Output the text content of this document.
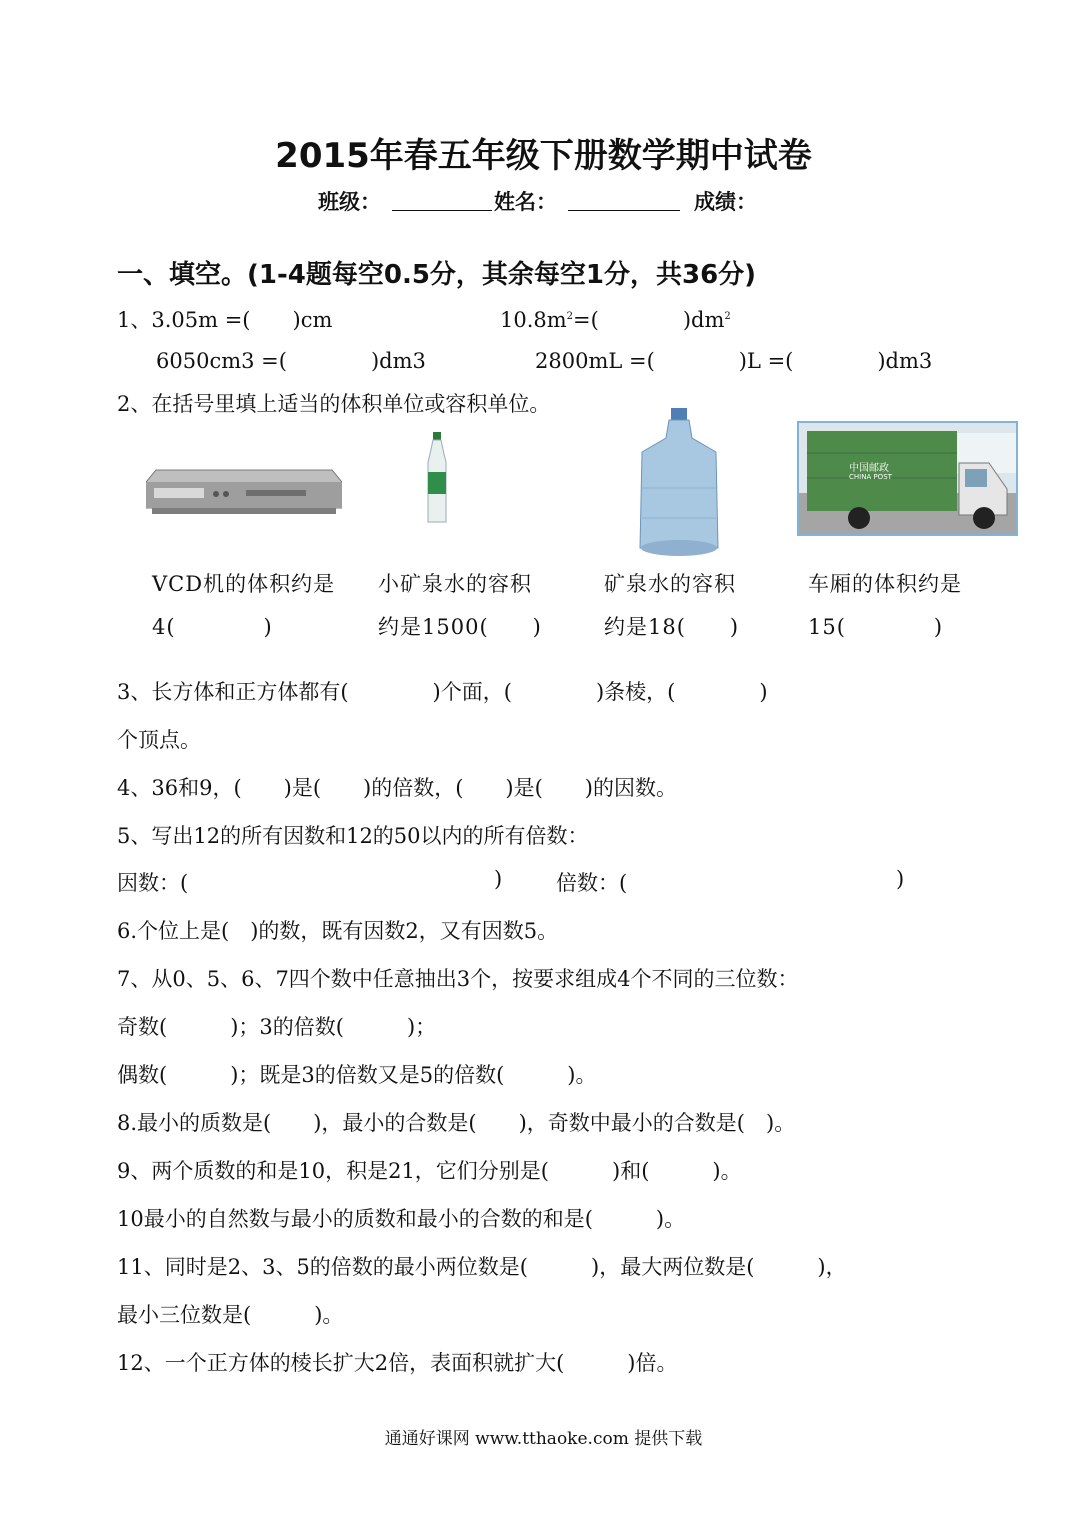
2015年春五年级下册数学期中试卷
班级：	姓名：	成绩：
一、填空。(1-4题每空0.5分，其余每空1分，共36分)
1、3.05m =(　　)cm	$10.8m^2=$(　　　　)$dm^2$
6050cm3 =(　　　　)dm3	2800mL =(　　　　)L =(　　　　)dm3
2、在括号里填上适当的体积单位或容积单位。
中国邮政
CHINA POST
VCD机的体积约是
4(　　　　)
小矿泉水的容积
约是1500(　　)
矿泉水的容积
约是18(　　)
车厢的体积约是
15(　　　　)
3、长方体和正方体都有(　　　　)个面，(　　　　)条棱，(　　　　)
个顶点。
4、36和9，(　　)是(　　)的倍数，(　　)是(　　)的因数。
5、写出12的所有因数和12的50以内的所有倍数：
因数：(	)	倍数：(	)
6.个位上是(　)的数，既有因数2，又有因数5。
7、从0、5、6、7四个数中任意抽出3个，按要求组成4个不同的三位数：
奇数(　　　)；3的倍数(　　　)；
偶数(　　　)；既是3的倍数又是5的倍数(　　　)。
8.最小的质数是(　　)，最小的合数是(　　)，奇数中最小的合数是(　)。
9、两个质数的和是10，积是21，它们分别是(　　　)和(　　　)。
10最小的自然数与最小的质数和最小的合数的和是(　　　)。
11、同时是2、3、5的倍数的最小两位数是(　　　)，最大两位数是(　　　)，
最小三位数是(　　　)。
12、一个正方体的棱长扩大2倍，表面积就扩大(　　　)倍。
通通好课网 www.tthaoke.com 提供下载
